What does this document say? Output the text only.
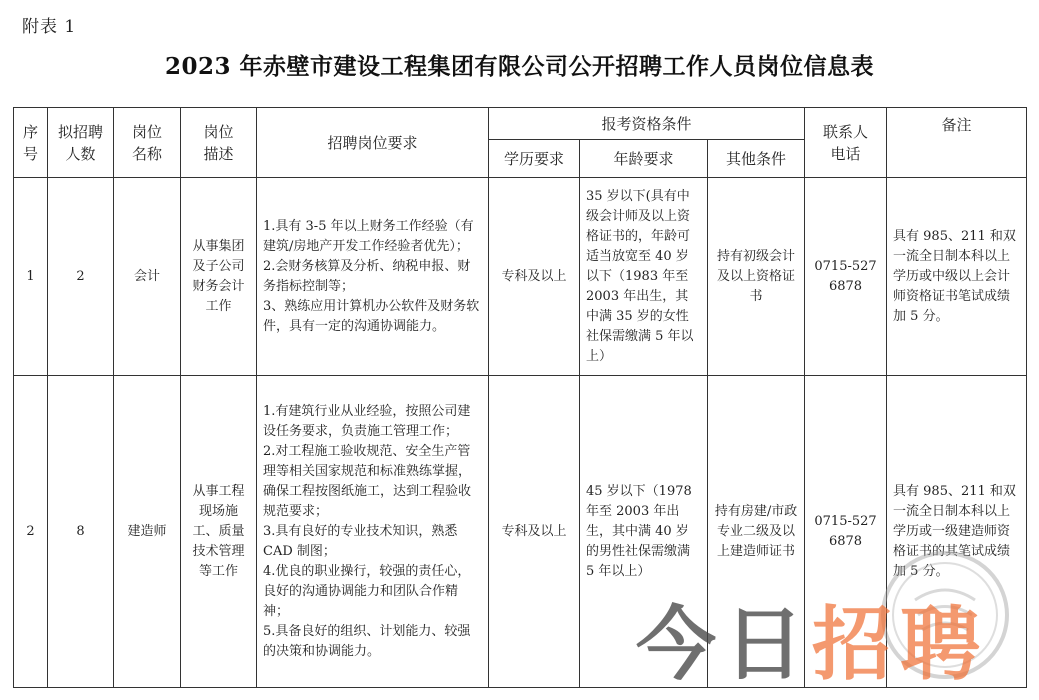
附表 1
2023 年赤壁市建设工程集团有限公司公开招聘工作人员岗位信息表
序号	拟招聘人数	岗位名称	岗位描述	招聘岗位要求	报考资格条件			联系人电话	备注
					学历要求	年龄要求	其他条件		
1	2	会计	从事集团及子公司财务会计工作	1.具有 3-5 年以上财务工作经验（有建筑/房地产开发工作经验者优先）；
2.会财务核算及分析、纳税申报、财务指标控制等；
3、熟练应用计算机办公软件及财务软件，具有一定的沟通协调能力。	专科及以上	35 岁以下(具有中级会计师及以上资格证书的，年龄可适当放宽至 40 岁以下（1983 年至 2003 年出生，其中满 35 岁的女性社保需缴满 5 年以上）	持有初级会计及以上资格证书	0715-5276878	具有 985、211 和双一流全日制本科以上学历或中级以上会计师资格证书笔试成绩加 5 分。
2	8	建造师	从事工程现场施工、质量技术管理等工作	1.有建筑行业从业经验，按照公司建设任务要求，负责施工管理工作；
2.对工程施工验收规范、安全生产管理等相关国家规范和标准熟练掌握，确保工程按图纸施工，达到工程验收规范要求；
3.具有良好的专业技术知识，熟悉 CAD 制图；
4.优良的职业操行，较强的责任心，良好的沟通协调能力和团队合作精神；
5.具备良好的组织、计划能力、较强的决策和协调能力。	专科及以上	45 岁以下（1978 年至 2003 年出生，其中满 40 岁的男性社保需缴满 5 年以上）	持有房建/市政专业二级及以上建造师证书	0715-5276878	具有 985、211 和双一流全日制本科以上学历或一级建造师资格证书的其笔试成绩加 5 分。
今日招聘
